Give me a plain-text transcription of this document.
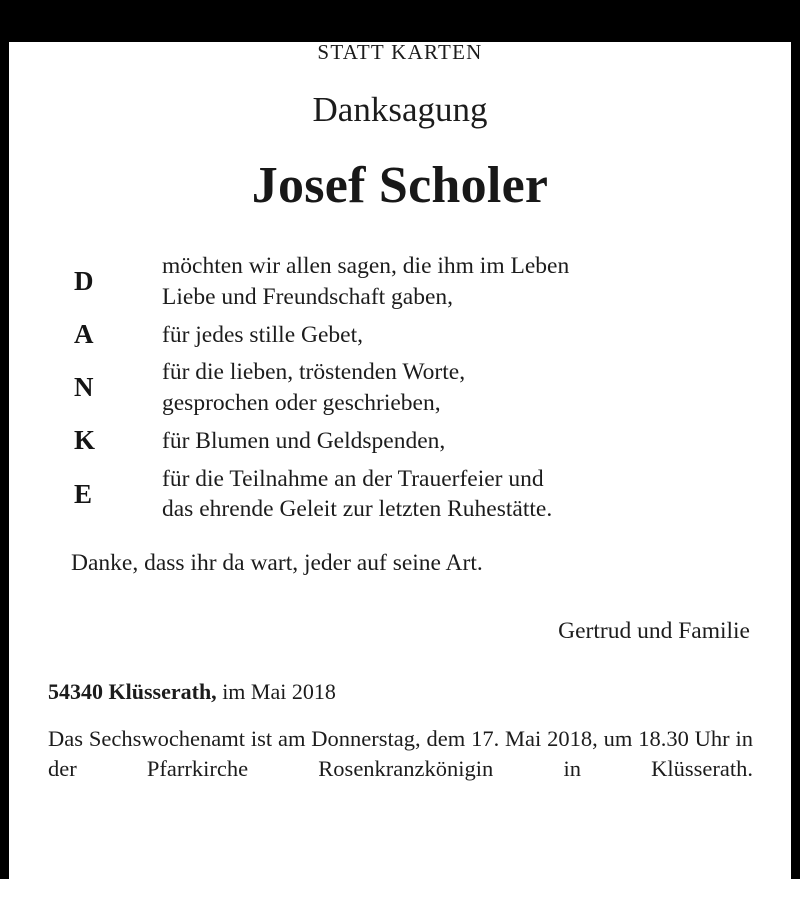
STATT KARTEN
Danksagung
Josef Scholer
D	möchten wir allen sagen, die ihm im Leben
Liebe und Freundschaft gaben,
A	für jedes stille Gebet,
N	für die lieben, tröstenden Worte,
gesprochen oder geschrieben,
K	für Blumen und Geldspenden,
E	für die Teilnahme an der Trauerfeier und
das ehrende Geleit zur letzten Ruhestätte.
Danke, dass ihr da wart, jeder auf seine Art.
Gertrud und Familie
54340 Klüsserath, im Mai 2018
Das Sechswochenamt ist am Donnerstag, dem 17. Mai 2018, um 18.30 Uhr in der Pfarrkirche Rosenkranzkönigin in Klüsserath.
